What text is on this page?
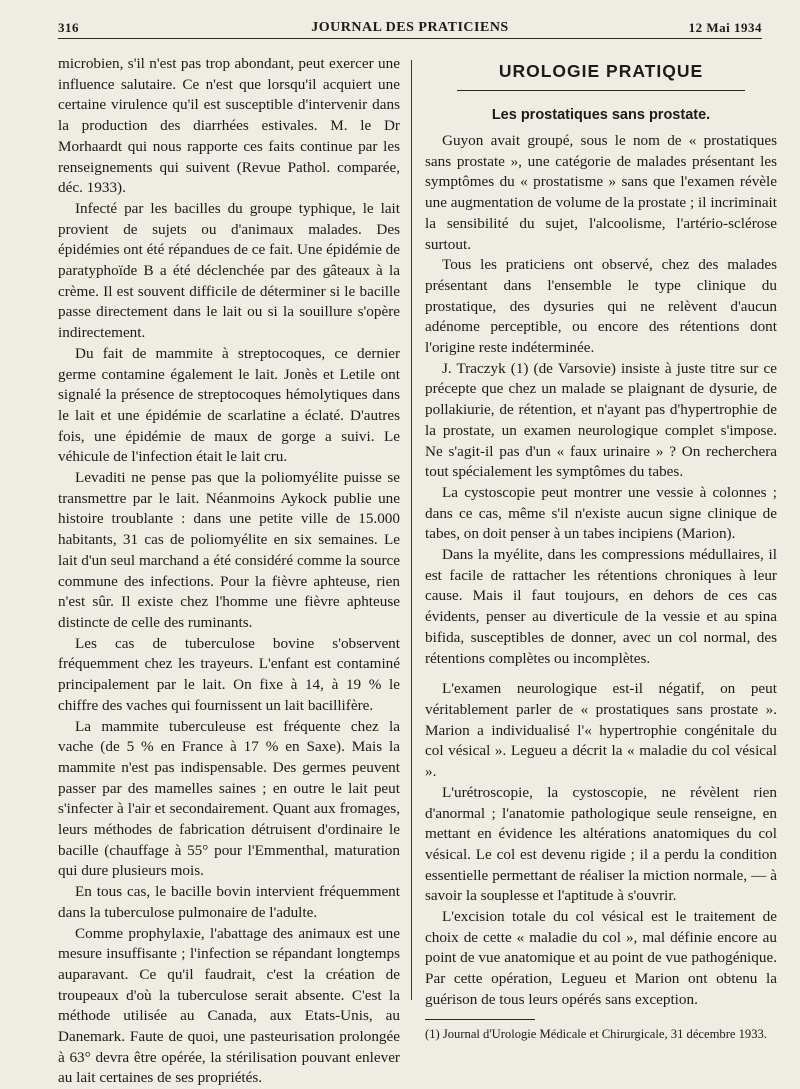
316	JOURNAL DES PRATICIENS	12 Mai 1934

microbien, s'il n'est pas trop abondant, peut exercer une influence salutaire. Ce n'est que lorsqu'il acquiert une certaine virulence qu'il est susceptible d'intervenir dans la production des diarrhées estivales. M. le Dr Morhaardt qui nous rapporte ces faits continue par les renseignements qui suivent (Revue Pathol. comparée, déc. 1933).

Infecté par les bacilles du groupe typhique, le lait provient de sujets ou d'animaux malades. Des épidémies ont été répandues de ce fait. Une épidémie de paratyphoïde B a été déclenchée par des gâteaux à la crème. Il est souvent difficile de déterminer si le bacille passe directement dans le lait ou si la souillure s'opère indirectement.

Du fait de mammite à streptocoques, ce dernier germe contamine également le lait. Jonès et Letile ont signalé la présence de streptocoques hémolytiques dans le lait et une épidémie de scarlatine a éclaté. D'autres fois, une épidémie de maux de gorge a suivi. Le véhicule de l'infection était le lait cru.

Levaditi ne pense pas que la poliomyélite puisse se transmettre par le lait. Néanmoins Aykock publie une histoire troublante : dans une petite ville de 15.000 habitants, 31 cas de poliomyélite en six semaines. Le lait d'un seul marchand a été considéré comme la source commune des infections. Pour la fièvre aphteuse, rien n'est sûr. Il existe chez l'homme une fièvre aphteuse distincte de celle des ruminants.

Les cas de tuberculose bovine s'observent fréquemment chez les trayeurs. L'enfant est contaminé principalement par le lait. On fixe à 14, à 19 % le chiffre des vaches qui fournissent un lait bacillifère.

La mammite tuberculeuse est fréquente chez la vache (de 5 % en France à 17 % en Saxe). Mais la mammite n'est pas indispensable. Des germes peuvent passer par des mamelles saines ; en outre le lait peut s'infecter à l'air et secondairement. Quant aux fromages, leurs méthodes de fabrication détruisent d'ordinaire le bacille (chauffage à 55° pour l'Emmenthal, maturation qui dure plusieurs mois.

En tous cas, le bacille bovin intervient fréquemment dans la tuberculose pulmonaire de l'adulte.

Comme prophylaxie, l'abattage des animaux est une mesure insuffisante ; l'infection se répandant longtemps auparavant. Ce qu'il faudrait, c'est la création de troupeaux d'où la tuberculose serait absente. C'est la méthode utilisée au Canada, aux Etats-Unis, au Danemark. Faute de quoi, une pasteurisation prolongée à 63° devra être opérée, la stérilisation pouvant enlever au lait certaines de ses propriétés.

UROLOGIE PRATIQUE
Les prostatiques sans prostate.

Guyon avait groupé, sous le nom de « prostatiques sans prostate », une catégorie de malades présentant les symptômes du « prostatisme » sans que l'examen révèle une augmentation de volume de la prostate ; il incriminait la sensibilité du sujet, l'alcoolisme, l'artério-sclérose surtout.

Tous les praticiens ont observé, chez des malades présentant dans l'ensemble le type clinique du prostatique, des dysuries qui ne relèvent d'aucun adénome perceptible, ou encore des rétentions dont l'origine reste indéterminée.

J. Traczyk (1) (de Varsovie) insiste à juste titre sur ce précepte que chez un malade se plaignant de dysurie, de pollakiurie, de rétention, et n'ayant pas d'hypertrophie de la prostate, un examen neurologique complet s'impose. Ne s'agit-il pas d'un « faux urinaire » ? On recherchera tout spécialement les symptômes du tabes.

La cystoscopie peut montrer une vessie à colonnes ; dans ce cas, même s'il n'existe aucun signe clinique de tabes, on doit penser à un tabes incipiens (Marion).

Dans la myélite, dans les compressions médullaires, il est facile de rattacher les rétentions chroniques à leur cause. Mais il faut toujours, en dehors de ces cas évidents, penser au diverticule de la vessie et au spina bifida, susceptibles de donner, avec un col normal, des rétentions complètes ou incomplètes.

L'examen neurologique est-il négatif, on peut véritablement parler de « prostatiques sans prostate ». Marion a individualisé l'« hypertrophie congénitale du col vésical ». Legueu a décrit la « maladie du col vésical ».

L'urétroscopie, la cystoscopie, ne révèlent rien d'anormal ; l'anatomie pathologique seule renseigne, en mettant en évidence les altérations anatomiques du col vésical. Le col est devenu rigide ; il a perdu la condition essentielle permettant de réaliser la miction normale, — à savoir la souplesse et l'aptitude à s'ouvrir.

L'excision totale du col vésical est le traitement de choix de cette « maladie du col », mal définie encore au point de vue anatomique et au point de vue pathogénique. Par cette opération, Legueu et Marion ont obtenu la guérison de tous leurs opérés sans exception.

(1) Journal d'Urologie Médicale et Chirurgicale, 31 décembre 1933.
